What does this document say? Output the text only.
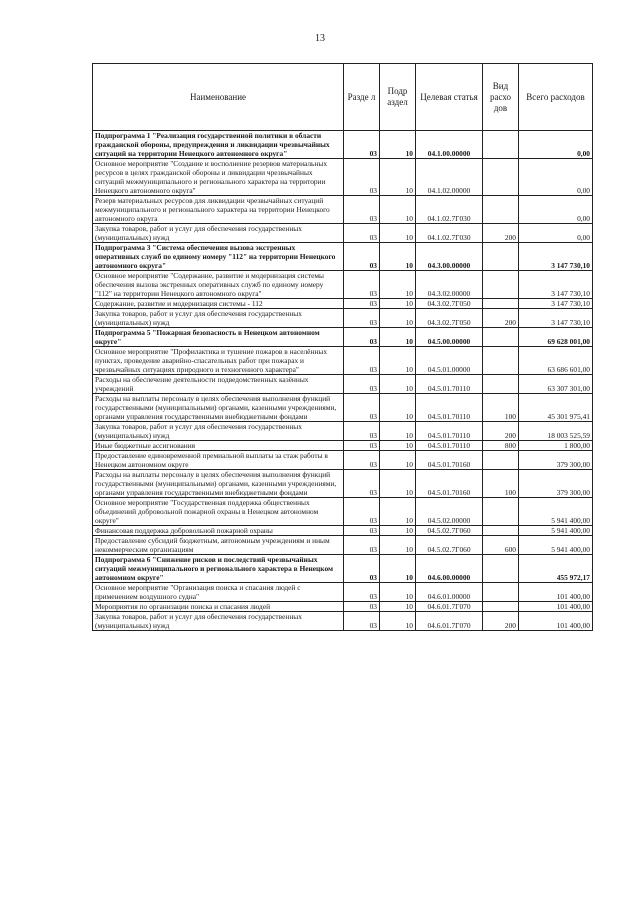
13
Наименование	Разде л	Подр аздел	Целевая статья	Вид расхо дов	Всего расходов
Подпрограмма 1 "Реализация государственной политики в области гражданской обороны, предупреждения и ликвидации чрезвычайных ситуаций на территории Ненецкого автономного округа"	03	10	04.1.00.00000		0,00
Основное мероприятие "Создание и восполнение резервов материальных ресурсов в целях гражданской обороны и ликвидации чрезвычайных ситуаций межмуниципального и регионального характера на территории Ненецкого автономного округа"	03	10	04.1.02.00000		0,00
Резерв материальных ресурсов для ликвидации чрезвычайных ситуаций межмуниципального и регионального характера на территории Ненецкого автономного округа	03	10	04.1.02.7Г030		0,00
Закупка товаров, работ и услуг для обеспечения государственных (муниципальных) нужд	03	10	04.1.02.7Г030	200	0,00
Подпрограмма 3 "Система обеспечения вызова экстренных оперативных служб по единому номеру "112" на территории Ненецкого автономного округа"	03	10	04.3.00.00000		3 147 730,10
Основное мероприятие "Содержание, развитие и модернизация системы обеспечения вызова экстренных оперативных служб по единому номеру "112" на территории Ненецкого автономного округа"	03	10	04.3.02.00000		3 147 730,10
Содержание, развитие и модернизация системы - 112	03	10	04.3.02.7Г050		3 147 730,10
Закупка товаров, работ и услуг для обеспечения государственных (муниципальных) нужд	03	10	04.3.02.7Г050	200	3 147 730,10
Подпрограмма 5 "Пожарная безопасность в Ненецком автономном округе"	03	10	04.5.00.00000		69 628 001,00
Основное мероприятие "Профилактика и тушение пожаров в населённых пунктах, проведение аварийно-спасательных работ при пожарах и чрезвычайных ситуациях природного и техногенного характера"	03	10	04.5.01.00000		63 686 601,00
Расходы на обеспечение деятельности подведомственных казённых учреждений	03	10	04.5.01.70110		63 307 301,00
Расходы на выплаты персоналу в целях обеспечения выполнения функций государственными (муниципальными) органами, казенными учреждениями, органами управления государственными внебюджетными фондами	03	10	04.5.01.70110	100	45 301 975,41
Закупка товаров, работ и услуг для обеспечения государственных (муниципальных) нужд	03	10	04.5.01.70110	200	18 003 525,59
Иные бюджетные ассигнования	03	10	04.5.01.70110	800	1 800,00
Предоставление единовременной премиальной выплаты за стаж работы в Ненецком автономном округе	03	10	04.5.01.70160		379 300,00
Расходы на выплаты персоналу в целях обеспечения выполнения функций государственными (муниципальными) органами, казенными учреждениями, органами управления государственными внебюджетными фондами	03	10	04.5.01.70160	100	379 300,00
Основное мероприятие "Государственная поддержка общественных объединений добровольной пожарной охраны в Ненецком автономном округе"	03	10	04.5.02.00000		5 941 400,00
Финансовая поддержка добровольной пожарной охраны	03	10	04.5.02.7Г060		5 941 400,00
Предоставление субсидий бюджетным, автономным учреждениям и иным некоммерческим организациям	03	10	04.5.02.7Г060	600	5 941 400,00
Подпрограмма 6 "Снижение рисков и последствий чрезвычайных ситуаций межмуниципального и регионального характера в Ненецком автономном округе"	03	10	04.6.00.00000		455 972,17
Основное мероприятие "Организация поиска и спасания людей с применением воздушного судна"	03	10	04.6.01.00000		101 400,00
Мероприятия по организации поиска и спасания людей	03	10	04.6.01.7Г070		101 400,00
Закупка товаров, работ и услуг для обеспечения государственных (муниципальных) нужд	03	10	04.6.01.7Г070	200	101 400,00
